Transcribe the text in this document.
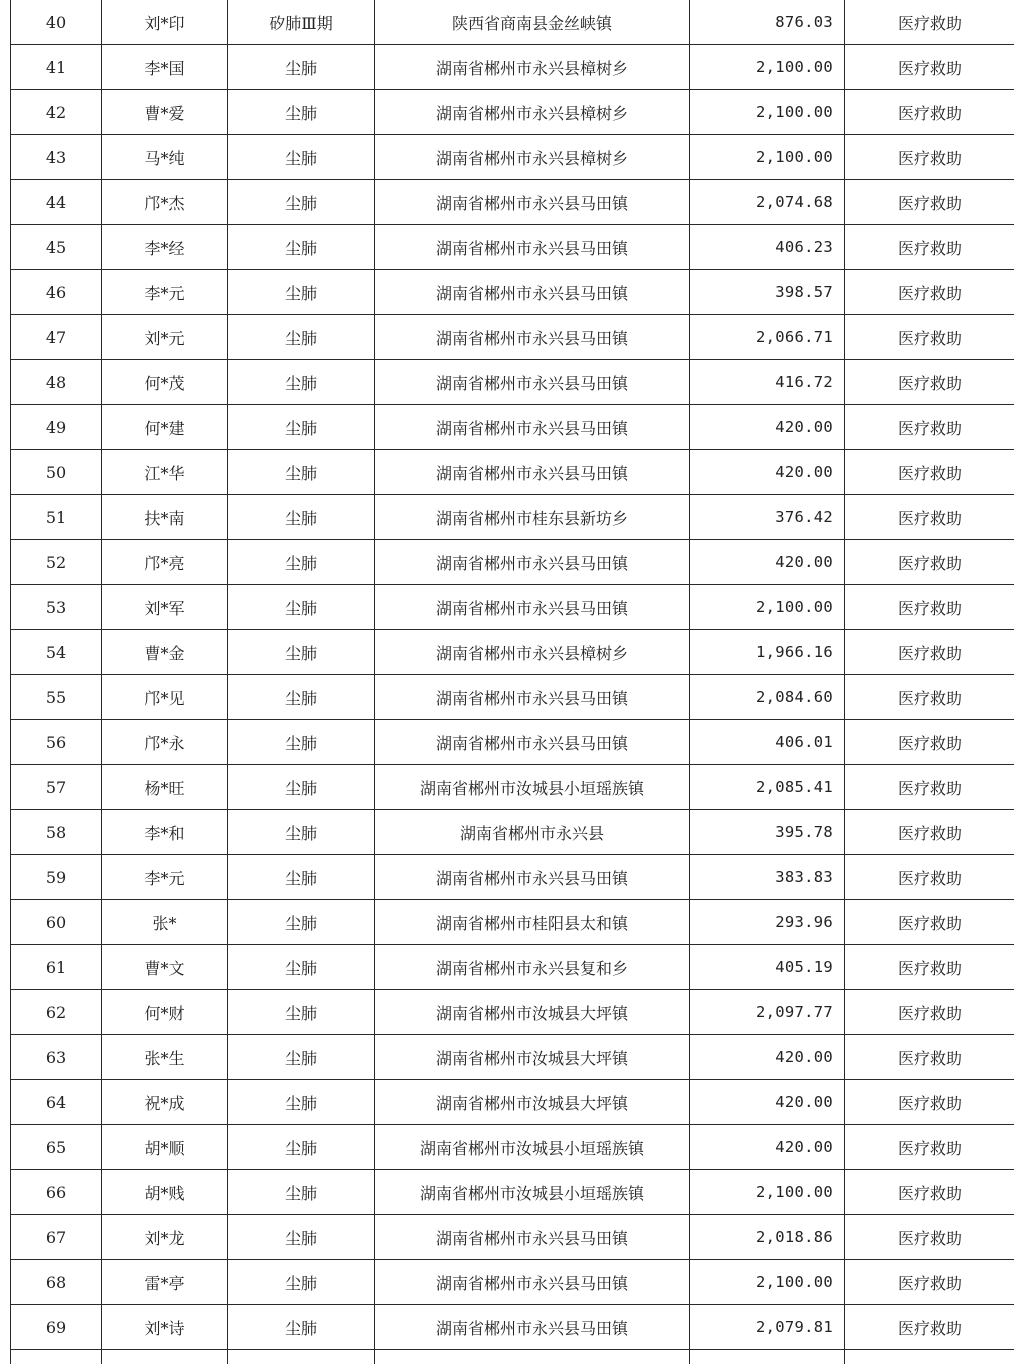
40	刘*印	矽肺Ⅲ期	陕西省商南县金丝峡镇	876.03	医疗救助
41	李*国	尘肺	湖南省郴州市永兴县樟树乡	2,100.00	医疗救助
42	曹*爱	尘肺	湖南省郴州市永兴县樟树乡	2,100.00	医疗救助
43	马*纯	尘肺	湖南省郴州市永兴县樟树乡	2,100.00	医疗救助
44	邝*杰	尘肺	湖南省郴州市永兴县马田镇	2,074.68	医疗救助
45	李*经	尘肺	湖南省郴州市永兴县马田镇	406.23	医疗救助
46	李*元	尘肺	湖南省郴州市永兴县马田镇	398.57	医疗救助
47	刘*元	尘肺	湖南省郴州市永兴县马田镇	2,066.71	医疗救助
48	何*茂	尘肺	湖南省郴州市永兴县马田镇	416.72	医疗救助
49	何*建	尘肺	湖南省郴州市永兴县马田镇	420.00	医疗救助
50	江*华	尘肺	湖南省郴州市永兴县马田镇	420.00	医疗救助
51	扶*南	尘肺	湖南省郴州市桂东县新坊乡	376.42	医疗救助
52	邝*亮	尘肺	湖南省郴州市永兴县马田镇	420.00	医疗救助
53	刘*军	尘肺	湖南省郴州市永兴县马田镇	2,100.00	医疗救助
54	曹*金	尘肺	湖南省郴州市永兴县樟树乡	1,966.16	医疗救助
55	邝*见	尘肺	湖南省郴州市永兴县马田镇	2,084.60	医疗救助
56	邝*永	尘肺	湖南省郴州市永兴县马田镇	406.01	医疗救助
57	杨*旺	尘肺	湖南省郴州市汝城县小垣瑶族镇	2,085.41	医疗救助
58	李*和	尘肺	湖南省郴州市永兴县	395.78	医疗救助
59	李*元	尘肺	湖南省郴州市永兴县马田镇	383.83	医疗救助
60	张*	尘肺	湖南省郴州市桂阳县太和镇	293.96	医疗救助
61	曹*文	尘肺	湖南省郴州市永兴县复和乡	405.19	医疗救助
62	何*财	尘肺	湖南省郴州市汝城县大坪镇	2,097.77	医疗救助
63	张*生	尘肺	湖南省郴州市汝城县大坪镇	420.00	医疗救助
64	祝*成	尘肺	湖南省郴州市汝城县大坪镇	420.00	医疗救助
65	胡*顺	尘肺	湖南省郴州市汝城县小垣瑶族镇	420.00	医疗救助
66	胡*贱	尘肺	湖南省郴州市汝城县小垣瑶族镇	2,100.00	医疗救助
67	刘*龙	尘肺	湖南省郴州市永兴县马田镇	2,018.86	医疗救助
68	雷*亭	尘肺	湖南省郴州市永兴县马田镇	2,100.00	医疗救助
69	刘*诗	尘肺	湖南省郴州市永兴县马田镇	2,079.81	医疗救助
